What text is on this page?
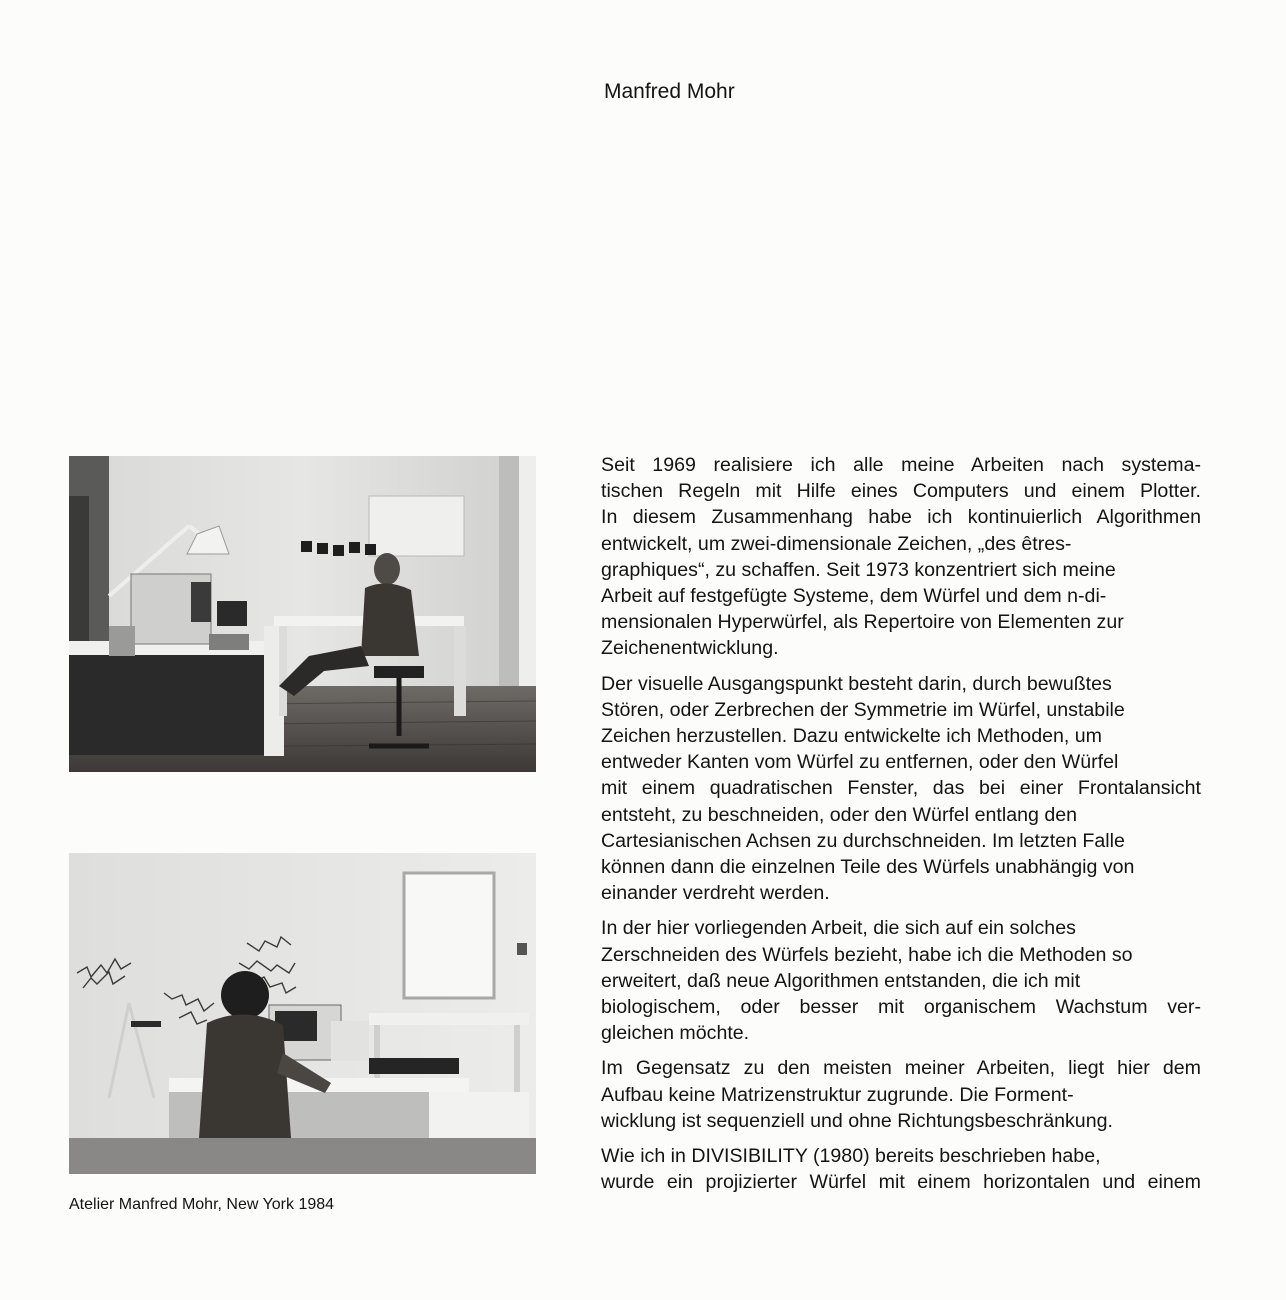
Manfred Mohr

Atelier Manfred Mohr, New York 1984

Seit 1969 realisiere ich alle meine Arbeiten nach systema-
tischen Regeln mit Hilfe eines Computers und einem Plotter.
In diesem Zusammenhang habe ich kontinuierlich Algorithmen
entwickelt, um zwei-dimensionale Zeichen, „des êtres-
graphiques“, zu schaffen. Seit 1973 konzentriert sich meine
Arbeit auf festgefügte Systeme, dem Würfel und dem n-di-
mensionalen Hyperwürfel, als Repertoire von Elementen zur
Zeichenentwicklung.

Der visuelle Ausgangspunkt besteht darin, durch bewußtes
Stören, oder Zerbrechen der Symmetrie im Würfel, unstabile
Zeichen herzustellen. Dazu entwickelte ich Methoden, um
entweder Kanten vom Würfel zu entfernen, oder den Würfel
mit einem quadratischen Fenster, das bei einer Frontalansicht
entsteht, zu beschneiden, oder den Würfel entlang den
Cartesianischen Achsen zu durchschneiden. Im letzten Falle
können dann die einzelnen Teile des Würfels unabhängig von
einander verdreht werden.

In der hier vorliegenden Arbeit, die sich auf ein solches
Zerschneiden des Würfels bezieht, habe ich die Methoden so
erweitert, daß neue Algorithmen entstanden, die ich mit
biologischem, oder besser mit organischem Wachstum ver-
gleichen möchte.

Im Gegensatz zu den meisten meiner Arbeiten, liegt hier dem
Aufbau keine Matrizenstruktur zugrunde. Die Forment-
wicklung ist sequenziell und ohne Richtungsbeschränkung.

Wie ich in DIVISIBILITY (1980) bereits beschrieben habe,
wurde ein projizierter Würfel mit einem horizontalen und einem
